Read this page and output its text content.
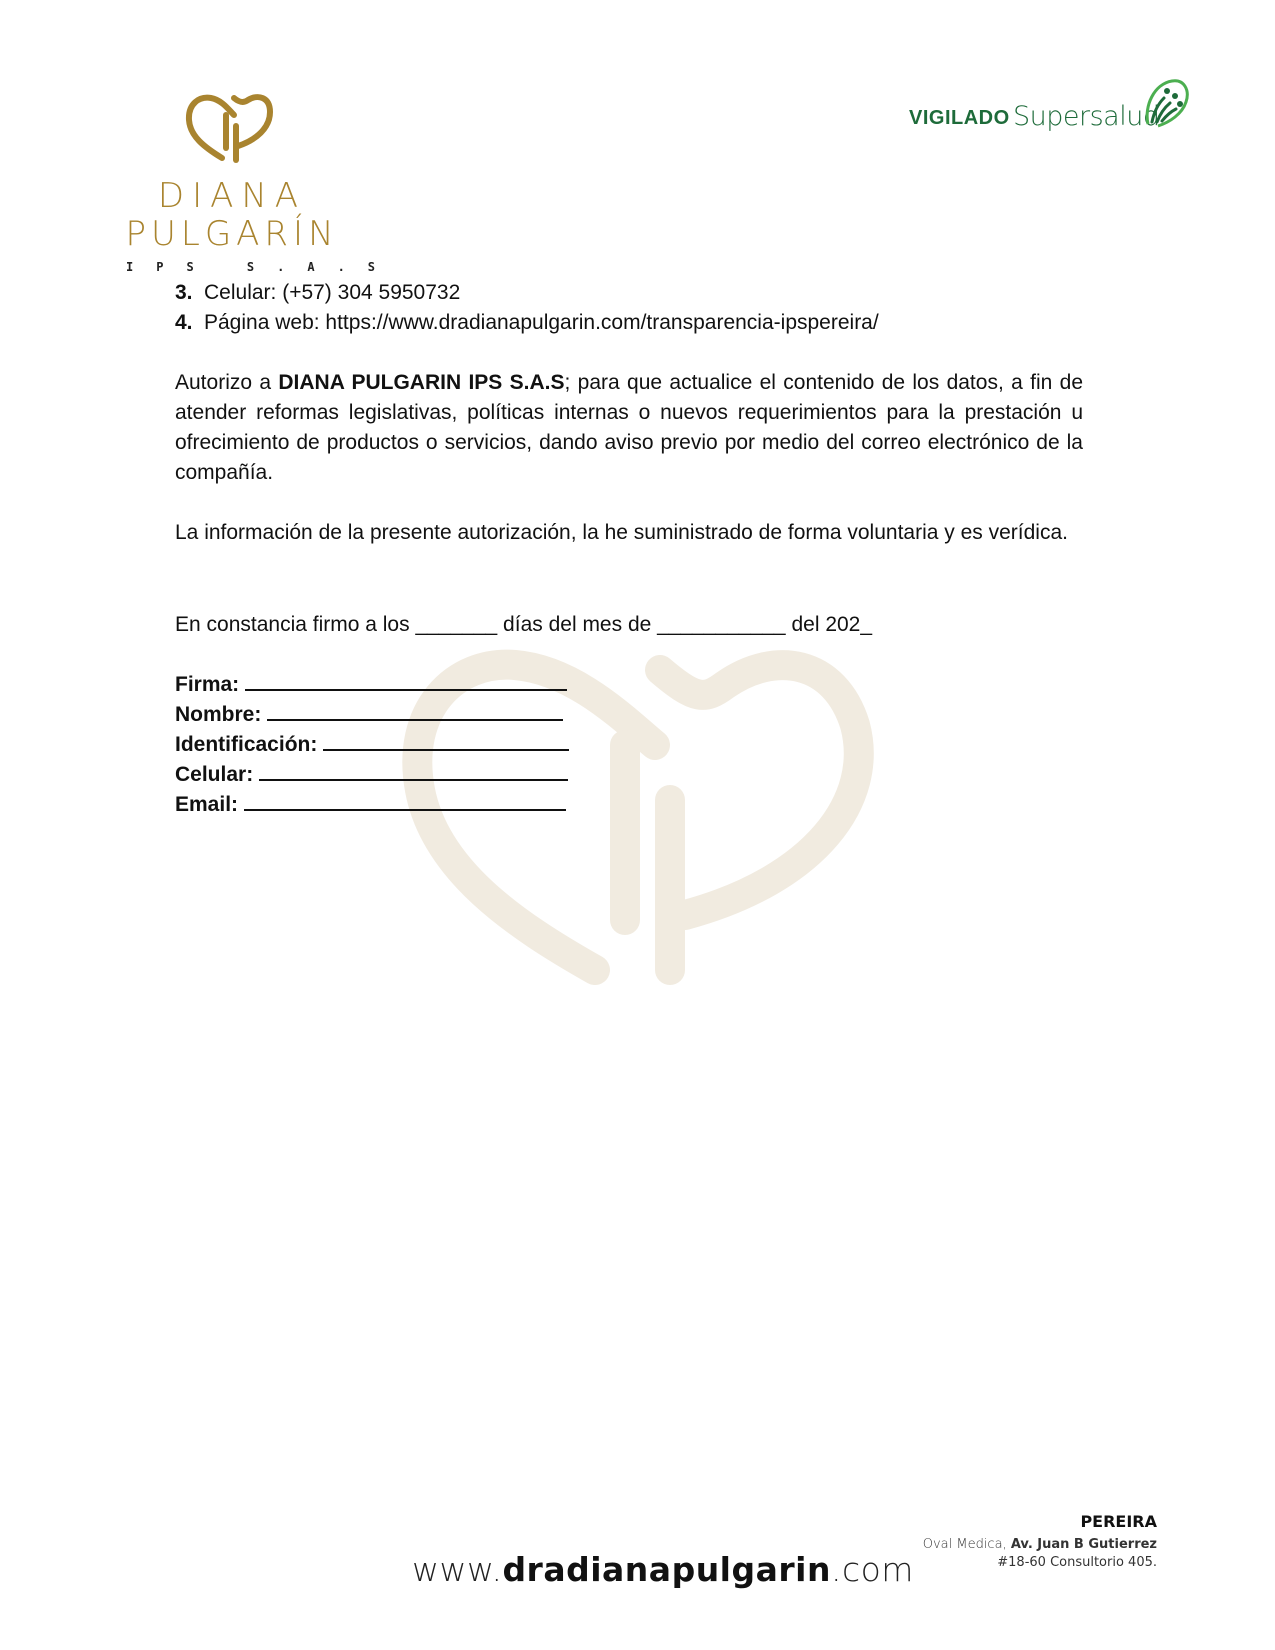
DIANA
PULGARÍN
IPS S.A.S
VIGILADO Supersalud
3. Celular: (+57) 304 5950732
4. Página web: https://www.dradianapulgarin.com/transparencia-ipspereira/
Autorizo a DIANA PULGARIN IPS S.A.S; para que actualice el contenido de los datos, a fin de atender reformas legislativas, políticas internas o nuevos requerimientos para la prestación u ofrecimiento de productos o servicios, dando aviso previo por medio del correo electrónico de la compañía.
La información de la presente autorización, la he suministrado de forma voluntaria y es verídica.
En constancia firmo a los _______ días del mes de ___________ del 202_
Firma:
Nombre:
Identificación:
Celular:
Email:
PEREIRA
Oval Medica, Av. Juan B Gutierrez
#18-60 Consultorio 405.
www.dradianapulgarin.com
